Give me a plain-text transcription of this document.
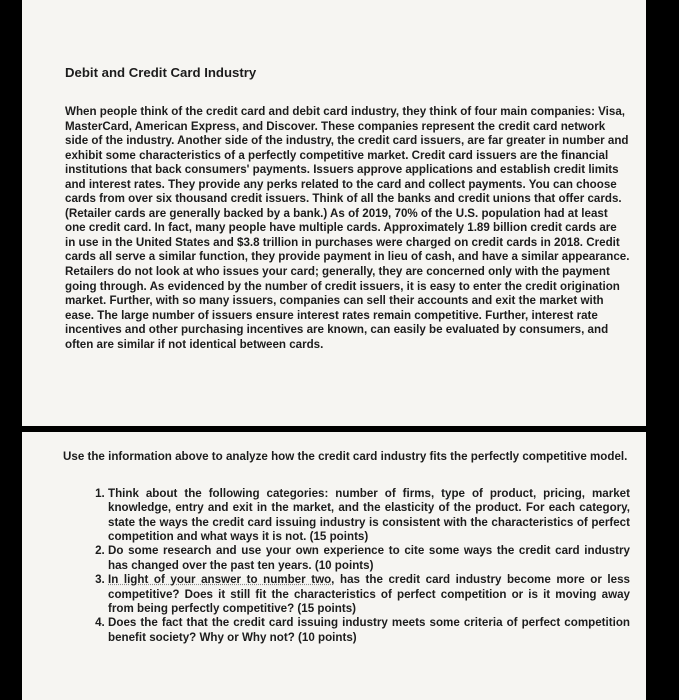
Debit and Credit Card Industry

When people think of the credit card and debit card industry, they think of four main companies: Visa, MasterCard, American Express, and Discover. These companies represent the credit card network side of the industry. Another side of the industry, the credit card issuers, are far greater in number and exhibit some characteristics of a perfectly competitive market. Credit card issuers are the financial institutions that back consumers' payments. Issuers approve applications and establish credit limits and interest rates. They provide any perks related to the card and collect payments. You can choose cards from over six thousand credit issuers. Think of all the banks and credit unions that offer cards. (Retailer cards are generally backed by a bank.) As of 2019, 70% of the U.S. population had at least one credit card. In fact, many people have multiple cards. Approximately 1.89 billion credit cards are in use in the United States and $3.8 trillion in purchases were charged on credit cards in 2018. Credit cards all serve a similar function, they provide payment in lieu of cash, and have a similar appearance. Retailers do not look at who issues your card; generally, they are concerned only with the payment going through. As evidenced by the number of credit issuers, it is easy to enter the credit origination market. Further, with so many issuers, companies can sell their accounts and exit the market with ease. The large number of issuers ensure interest rates remain competitive. Further, interest rate incentives and other purchasing incentives are known, can easily be evaluated by consumers, and often are similar if not identical between cards.

Use the information above to analyze how the credit card industry fits the perfectly competitive model.

1. Think about the following categories: number of firms, type of product, pricing, market knowledge, entry and exit in the market, and the elasticity of the product. For each category, state the ways the credit card issuing industry is consistent with the characteristics of perfect competition and what ways it is not. (15 points)
2. Do some research and use your own experience to cite some ways the credit card industry has changed over the past ten years. (10 points)
3. In light of your answer to number two, has the credit card industry become more or less competitive? Does it still fit the characteristics of perfect competition or is it moving away from being perfectly competitive? (15 points)
4. Does the fact that the credit card issuing industry meets some criteria of perfect competition benefit society? Why or Why not? (10 points)
